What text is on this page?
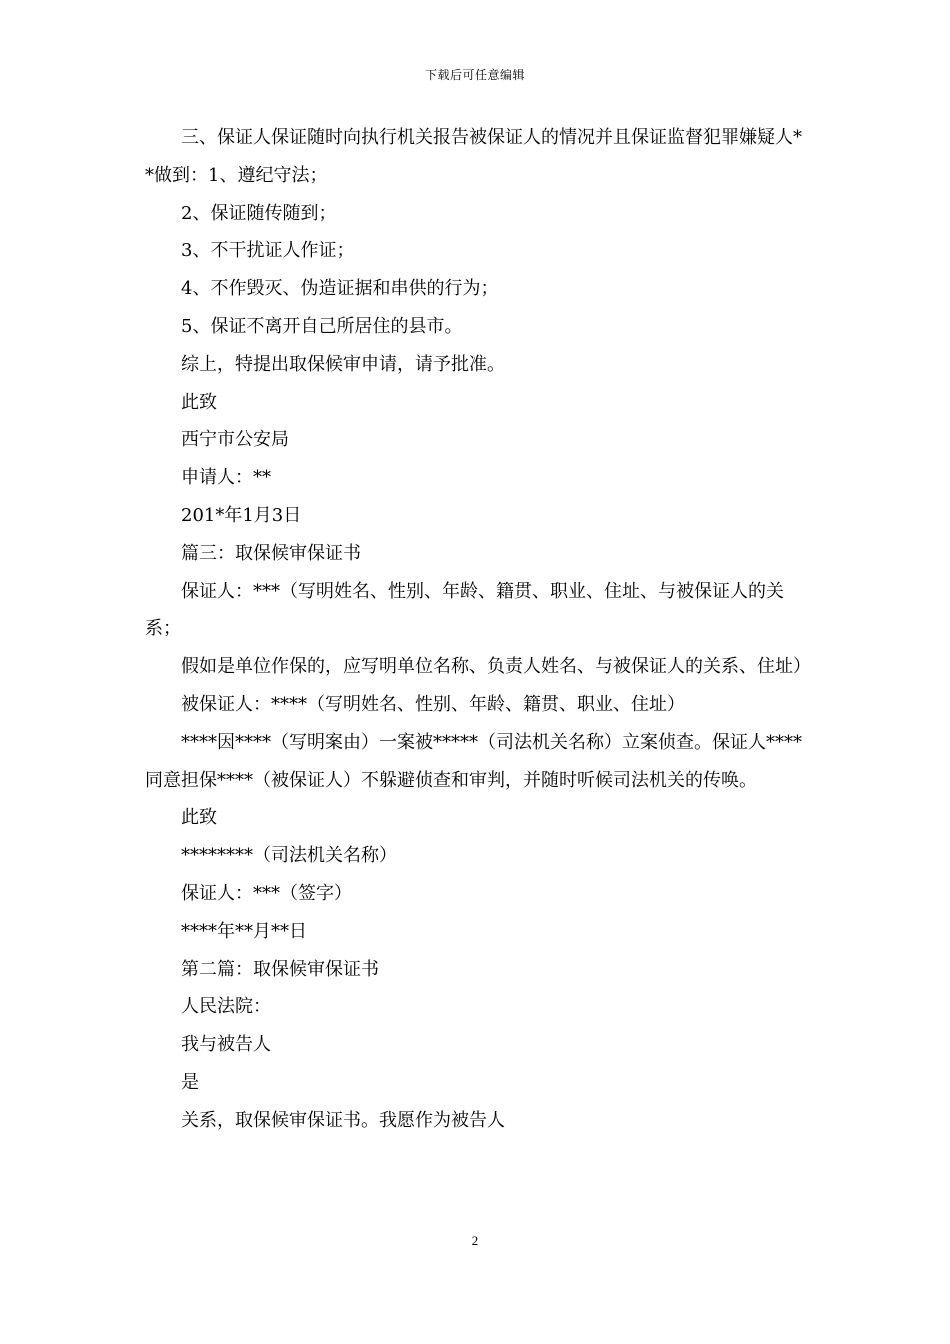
下载后可任意编辑

三、保证人保证随时向执行机关报告被保证人的情况并且保证监督犯罪嫌疑人**做到：1、遵纪守法；

2、保证随传随到；

3、不干扰证人作证；

4、不作毁灭、伪造证据和串供的行为；

5、保证不离开自己所居住的县市。

综上，特提出取保候审申请，请予批准。

此致

西宁市公安局

申请人：**

201*年1月3日

篇三：取保候审保证书

保证人：***（写明姓名、性别、年龄、籍贯、职业、住址、与被保证人的关系；

假如是单位作保的，应写明单位名称、负责人姓名、与被保证人的关系、住址）

被保证人：****（写明姓名、性别、年龄、籍贯、职业、住址）

****因****（写明案由）一案被*****（司法机关名称）立案侦查。保证人****同意担保****（被保证人）不躲避侦查和审判，并随时听候司法机关的传唤。

此致

********（司法机关名称）

保证人：***（签字）

****年**月**日

第二篇：取保候审保证书

人民法院：

我与被告人

是

关系，取保候审保证书。我愿作为被告人

2
